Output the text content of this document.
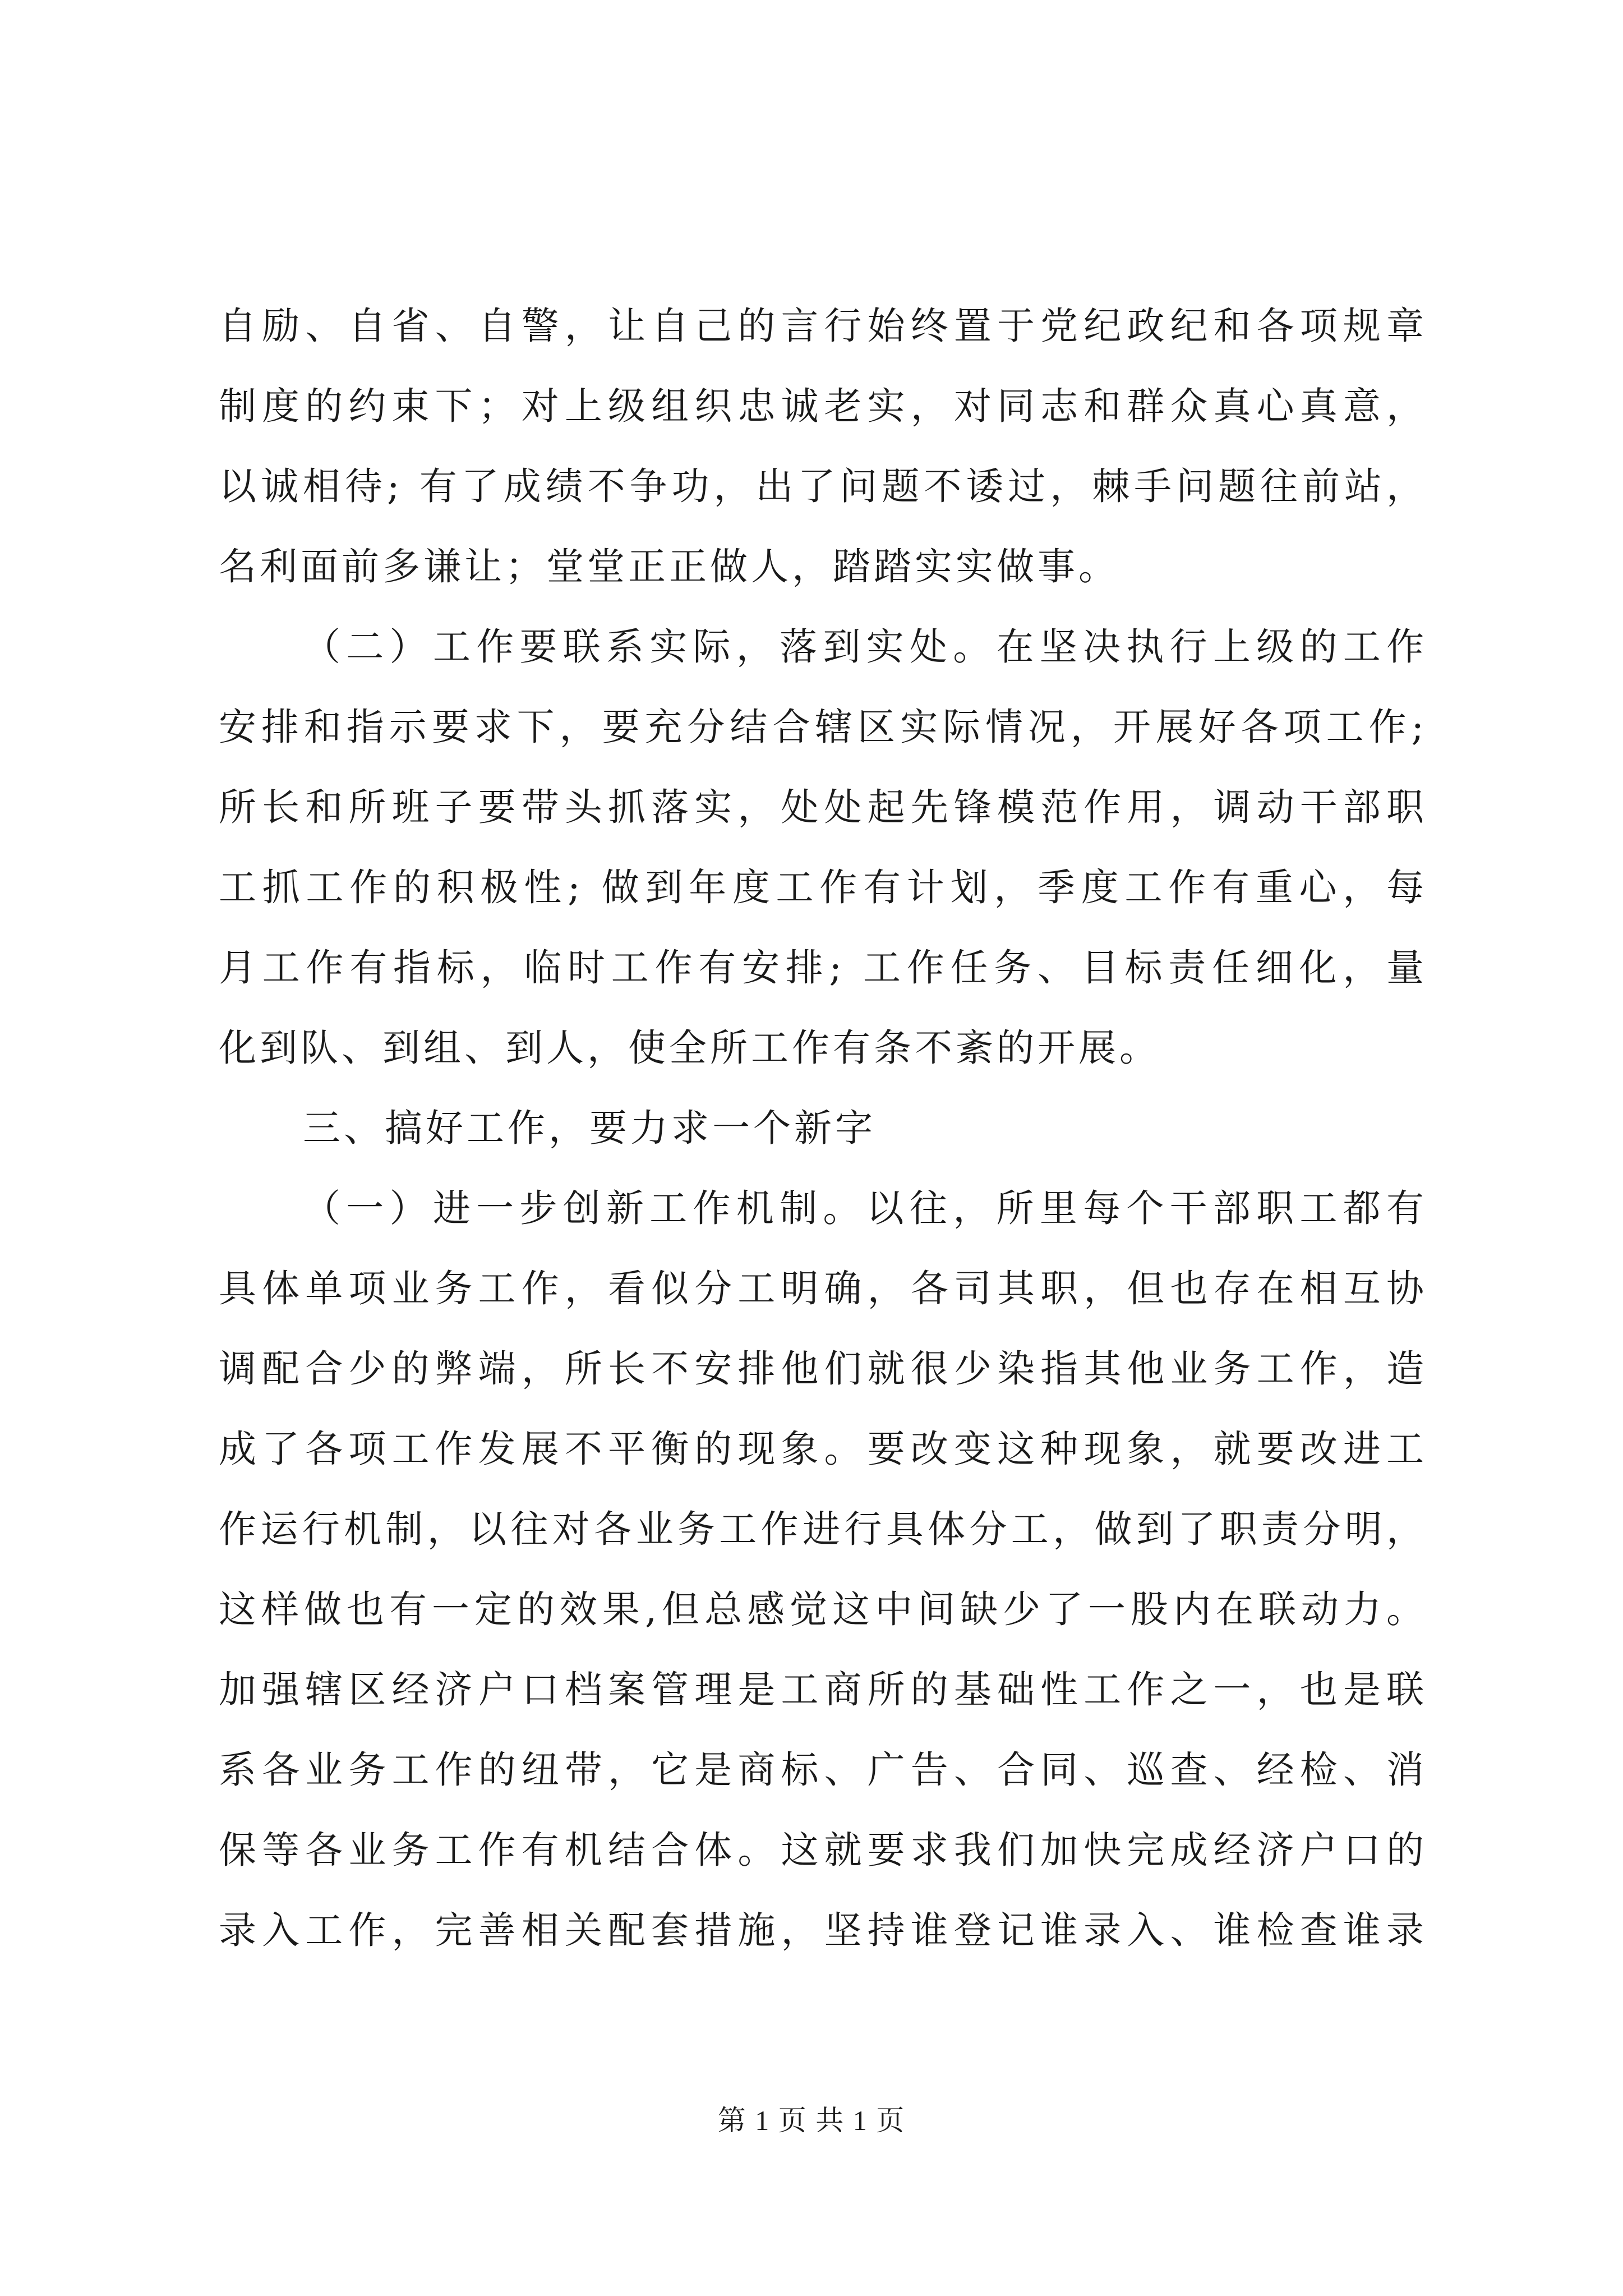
自励、自省、自警，让自己的言行始终置于党纪政纪和各项规章
制度的约束下；对上级组织忠诚老实，对同志和群众真心真意，
以诚相待; 有了成绩不争功，出了问题不诿过，棘手问题往前站，
名利面前多谦让；堂堂正正做人，踏踏实实做事。
（二）工作要联系实际，落到实处。在坚决执行上级的工作
安排和指示要求下，要充分结合辖区实际情况，开展好各项工作;
所长和所班子要带头抓落实，处处起先锋模范作用，调动干部职
工抓工作的积极性; 做到年度工作有计划，季度工作有重心，每
月工作有指标，临时工作有安排; 工作任务、目标责任细化，量
化到队、到组、到人，使全所工作有条不紊的开展。
三、搞好工作，要力求一个新字
（一）进一步创新工作机制。以往，所里每个干部职工都有
具体单项业务工作，看似分工明确，各司其职，但也存在相互协
调配合少的弊端，所长不安排他们就很少染指其他业务工作，造
成了各项工作发展不平衡的现象。要改变这种现象，就要改进工
作运行机制，以往对各业务工作进行具体分工，做到了职责分明，
这样做也有一定的效果,但总感觉这中间缺少了一股内在联动力。
加强辖区经济户口档案管理是工商所的基础性工作之一，也是联
系各业务工作的纽带，它是商标、广告、合同、巡查、经检、消
保等各业务工作有机结合体。这就要求我们加快完成经济户口的
录入工作，完善相关配套措施，坚持谁登记谁录入、谁检查谁录
第 1 页 共 1 页
